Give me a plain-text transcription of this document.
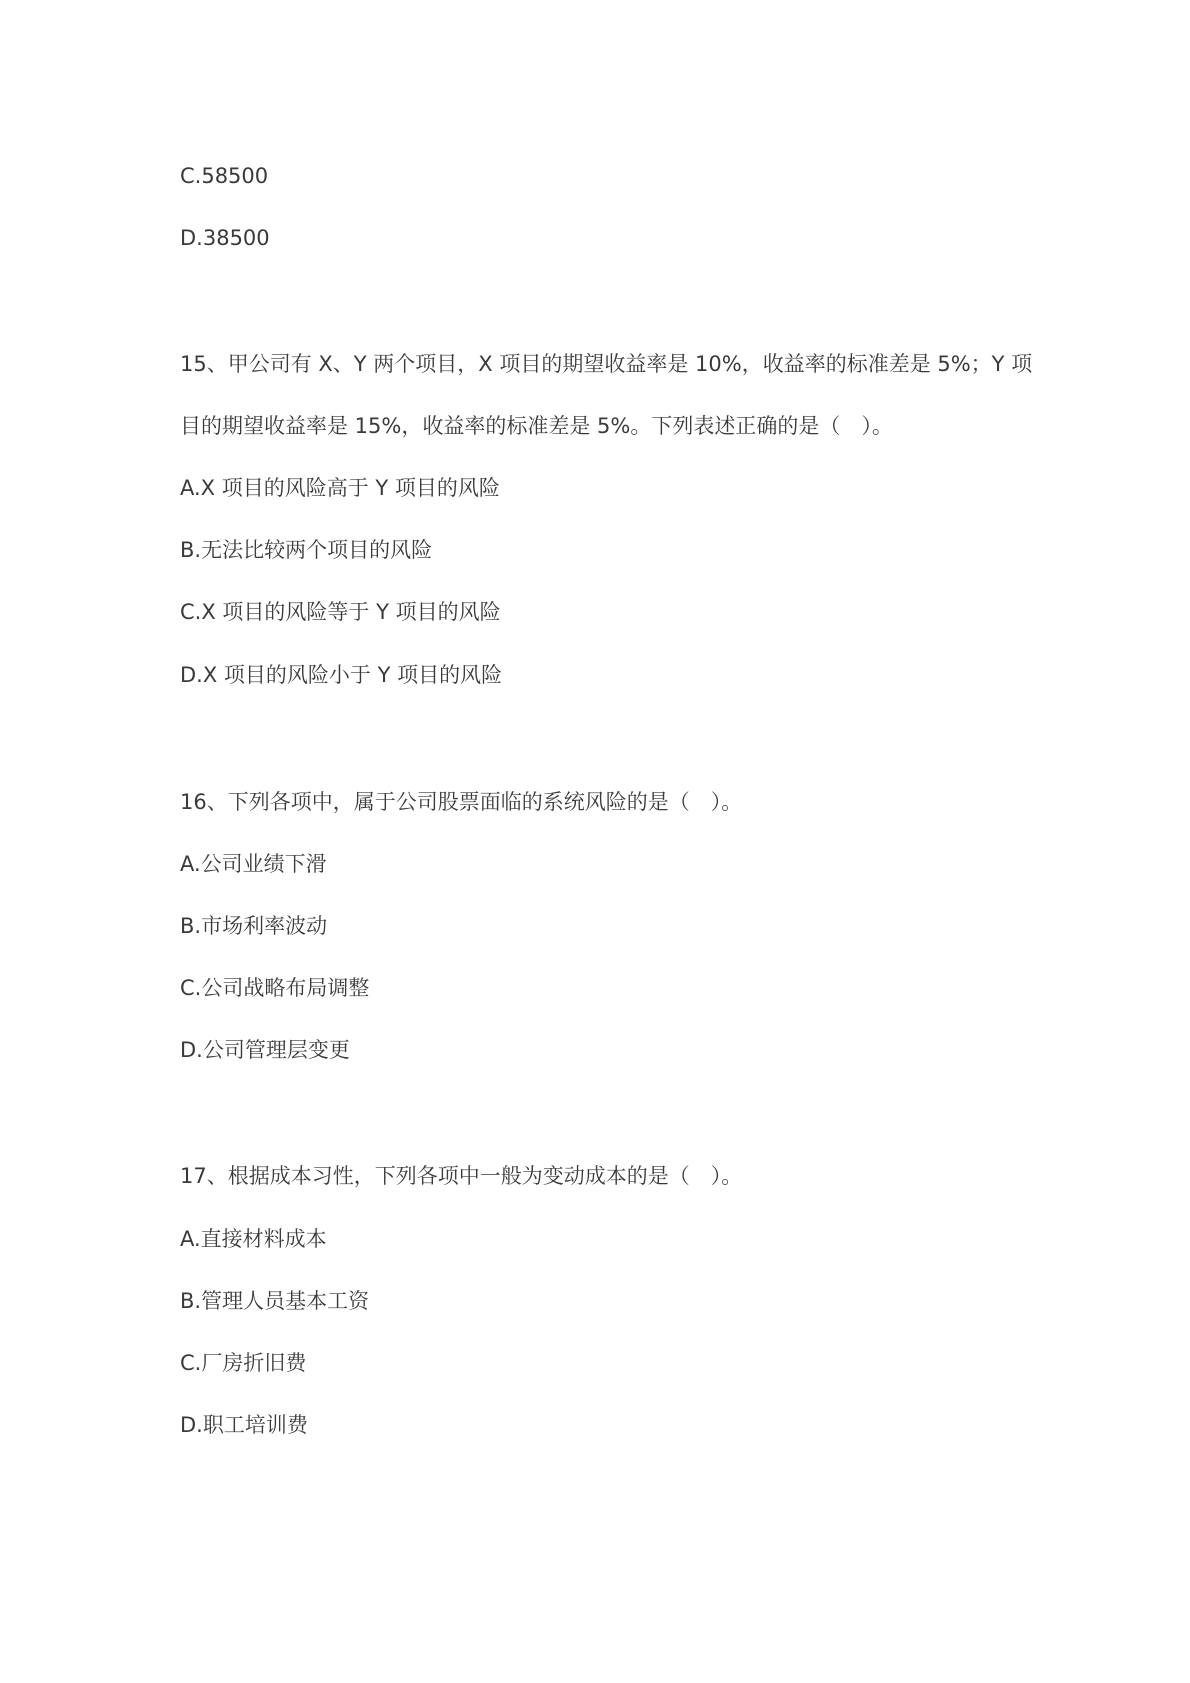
C.58500
D.38500
15、甲公司有 X、Y 两个项目，X 项目的期望收益率是 10%，收益率的标准差是 5%；Y 项
目的期望收益率是 15%，收益率的标准差是 5%。下列表述正确的是（　）。
A.X 项目的风险高于 Y 项目的风险
B.无法比较两个项目的风险
C.X 项目的风险等于 Y 项目的风险
D.X 项目的风险小于 Y 项目的风险
16、下列各项中，属于公司股票面临的系统风险的是（　）。
A.公司业绩下滑
B.市场利率波动
C.公司战略布局调整
D.公司管理层变更
17、根据成本习性，下列各项中一般为变动成本的是（　）。
A.直接材料成本
B.管理人员基本工资
C.厂房折旧费
D.职工培训费
